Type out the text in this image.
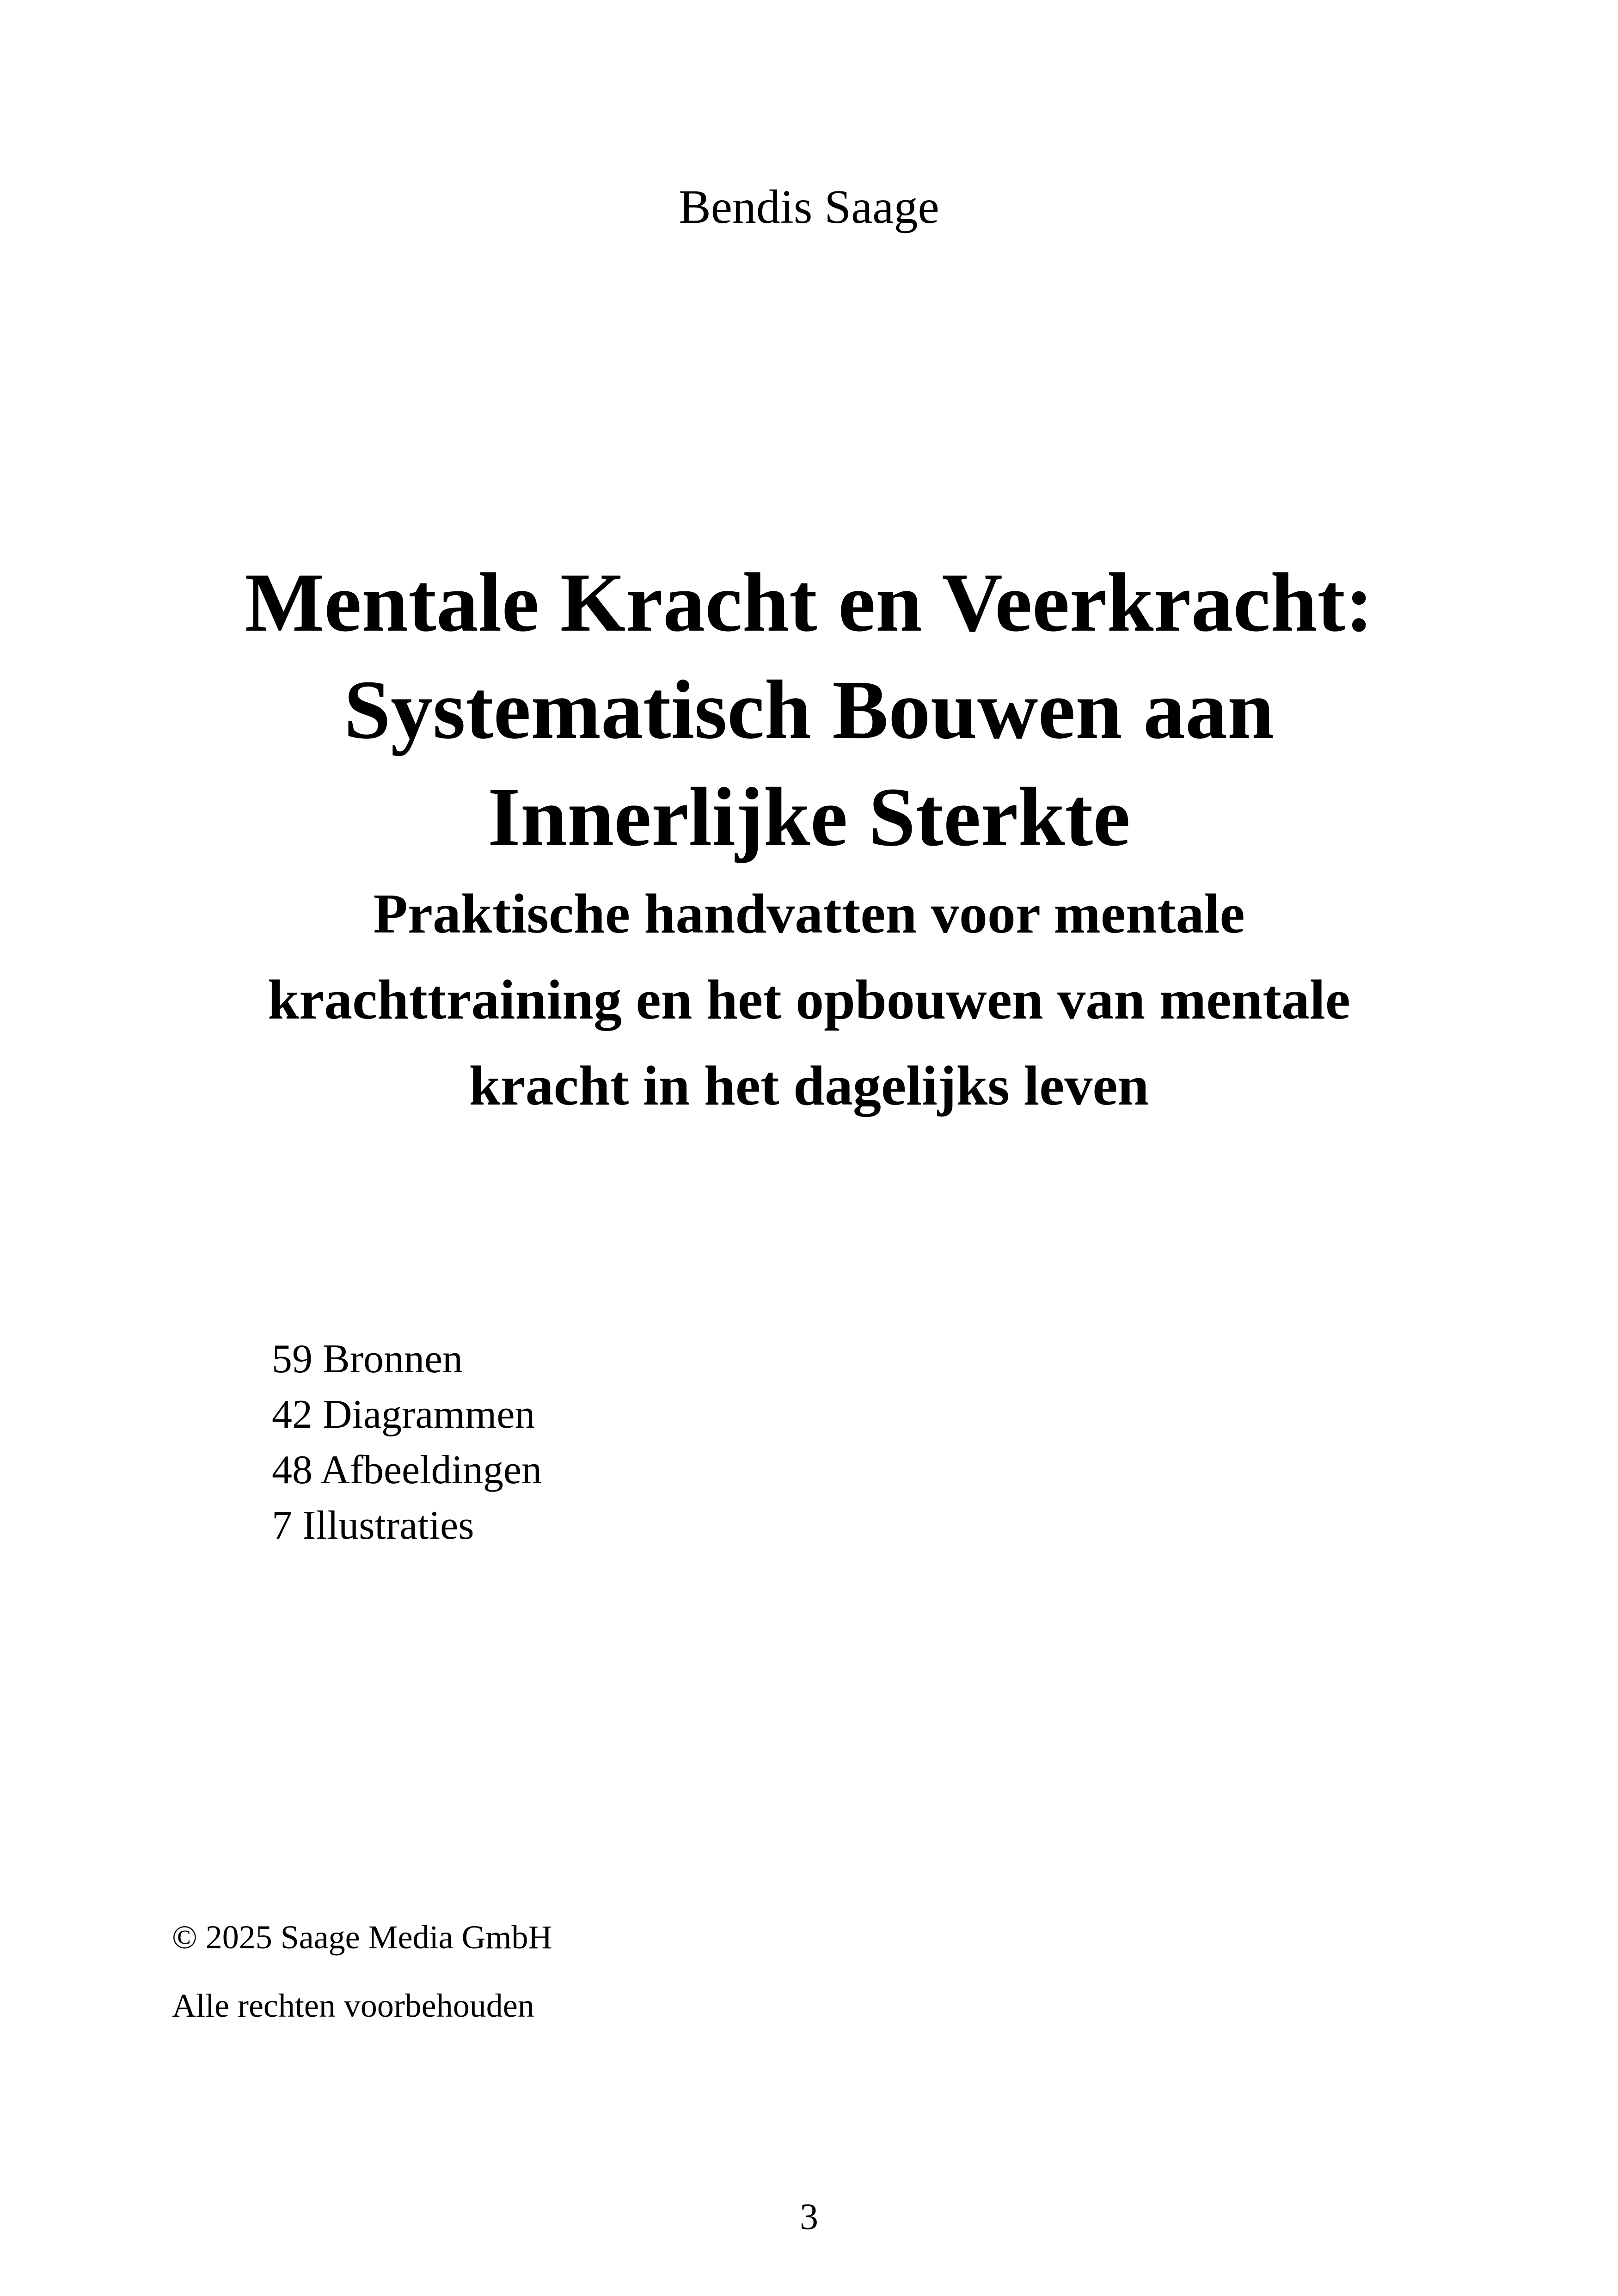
Bendis Saage
Mentale Kracht en Veerkracht:
Systematisch Bouwen aan
Innerlijke Sterkte
Praktische handvatten voor mentale
krachttraining en het opbouwen van mentale
kracht in het dagelijks leven
59 Bronnen
42 Diagrammen
48 Afbeeldingen
7 Illustraties
© 2025 Saage Media GmbH
Alle rechten voorbehouden
3
